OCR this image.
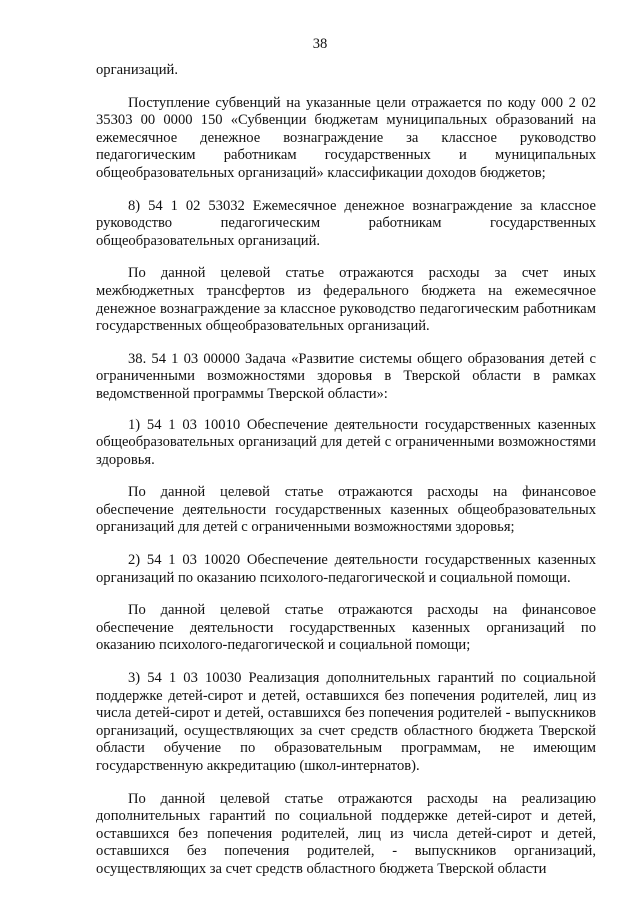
38

организаций.

Поступление субвенций на указанные цели отражается по коду 000 2 02 35303 00 0000 150 «Субвенции бюджетам муниципальных образований на ежемесячное денежное вознаграждение за классное руководство педагогическим работникам государственных и муниципальных общеобразовательных организаций» классификации доходов бюджетов;

8) 54 1 02 53032 Ежемесячное денежное вознаграждение за классное руководство педагогическим работникам государственных общеобразовательных организаций.

По данной целевой статье отражаются расходы за счет иных межбюджетных трансфертов из федерального бюджета на ежемесячное денежное вознаграждение за классное руководство педагогическим работникам государственных общеобразовательных организаций.

38. 54 1 03 00000 Задача «Развитие системы общего образования детей с ограниченными возможностями здоровья в Тверской области в рамках ведомственной программы Тверской области»:

1) 54 1 03 10010 Обеспечение деятельности государственных казенных общеобразовательных организаций для детей с ограниченными возможностями здоровья.

По данной целевой статье отражаются расходы на финансовое обеспечение деятельности государственных казенных общеобразовательных организаций для детей с ограниченными возможностями здоровья;

2) 54 1 03 10020 Обеспечение деятельности государственных казенных организаций по оказанию психолого-педагогической и социальной помощи.

По данной целевой статье отражаются расходы на финансовое обеспечение деятельности государственных казенных организаций по оказанию психолого-педагогической и социальной помощи;

3) 54 1 03 10030 Реализация дополнительных гарантий по социальной поддержке детей-сирот и детей, оставшихся без попечения родителей, лиц из числа детей-сирот и детей, оставшихся без попечения родителей - выпускников организаций, осуществляющих за счет средств областного бюджета Тверской области обучение по образовательным программам, не имеющим государственную аккредитацию (школ-интернатов).

По данной целевой статье отражаются расходы на реализацию дополнительных гарантий по социальной поддержке детей-сирот и детей, оставшихся без попечения родителей, лиц из числа детей-сирот и детей, оставшихся без попечения родителей, - выпускников организаций, осуществляющих за счет средств областного бюджета Тверской области
